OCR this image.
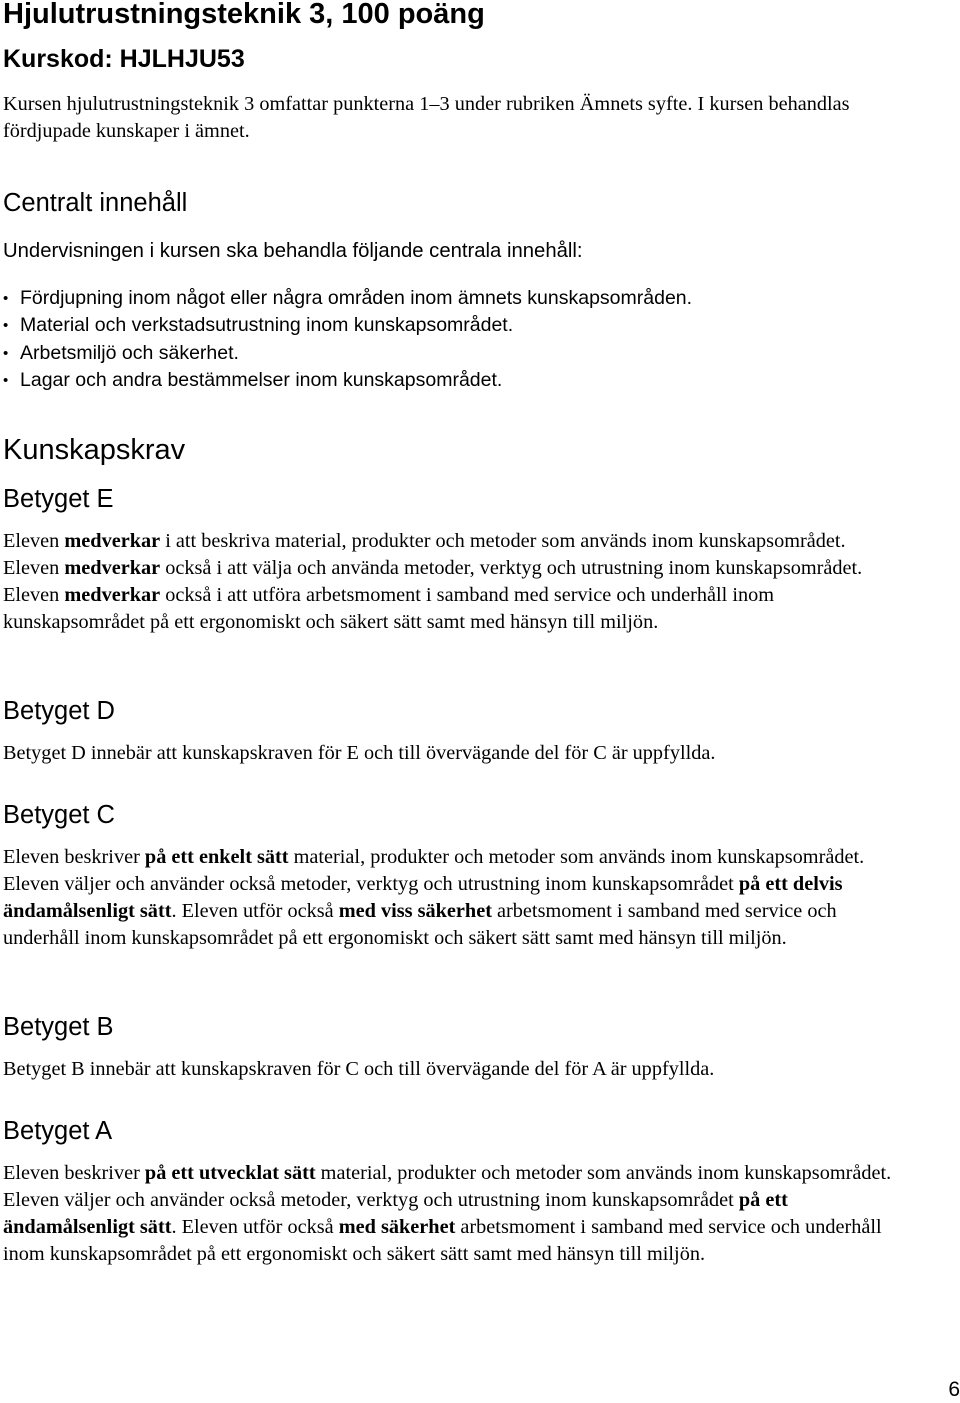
Hjulutrustningsteknik 3, 100 poäng
Kurskod: HJLHJU53

Kursen hjulutrustningsteknik 3 omfattar punkterna 1–3 under rubriken Ämnets syfte. I kursen behandlas fördjupade kunskaper i ämnet.

Centralt innehåll

Undervisningen i kursen ska behandla följande centrala innehåll:

• Fördjupning inom något eller några områden inom ämnets kunskapsområden.
• Material och verkstadsutrustning inom kunskapsområdet.
• Arbetsmiljö och säkerhet.
• Lagar och andra bestämmelser inom kunskapsområdet.
Kunskapskrav
Betyget E

Eleven medverkar i att beskriva material, produkter och metoder som används inom kunskapsområdet. Eleven medverkar också i att välja och använda metoder, verktyg och utrustning inom kunskapsområdet. Eleven medverkar också i att utföra arbetsmoment i samband med service och underhåll inom kunskapsområdet på ett ergonomiskt och säkert sätt samt med hänsyn till miljön.

Betyget D

Betyget D innebär att kunskapskraven för E och till övervägande del för C är uppfyllda.

Betyget C

Eleven beskriver på ett enkelt sätt material, produkter och metoder som används inom kunskapsområdet. Eleven väljer och använder också metoder, verktyg och utrustning inom kunskapsområdet på ett delvis ändamålsenligt sätt. Eleven utför också med viss säkerhet arbetsmoment i samband med service och underhåll inom kunskapsområdet på ett ergonomiskt och säkert sätt samt med hänsyn till miljön.

Betyget B

Betyget B innebär att kunskapskraven för C och till övervägande del för A är uppfyllda.

Betyget A

Eleven beskriver på ett utvecklat sätt material, produkter och metoder som används inom kunskapsområdet. Eleven väljer och använder också metoder, verktyg och utrustning inom kunskapsområdet på ett ändamålsenligt sätt. Eleven utför också med säkerhet arbetsmoment i samband med service och underhåll inom kunskapsområdet på ett ergonomiskt och säkert sätt samt med hänsyn till miljön.

6
